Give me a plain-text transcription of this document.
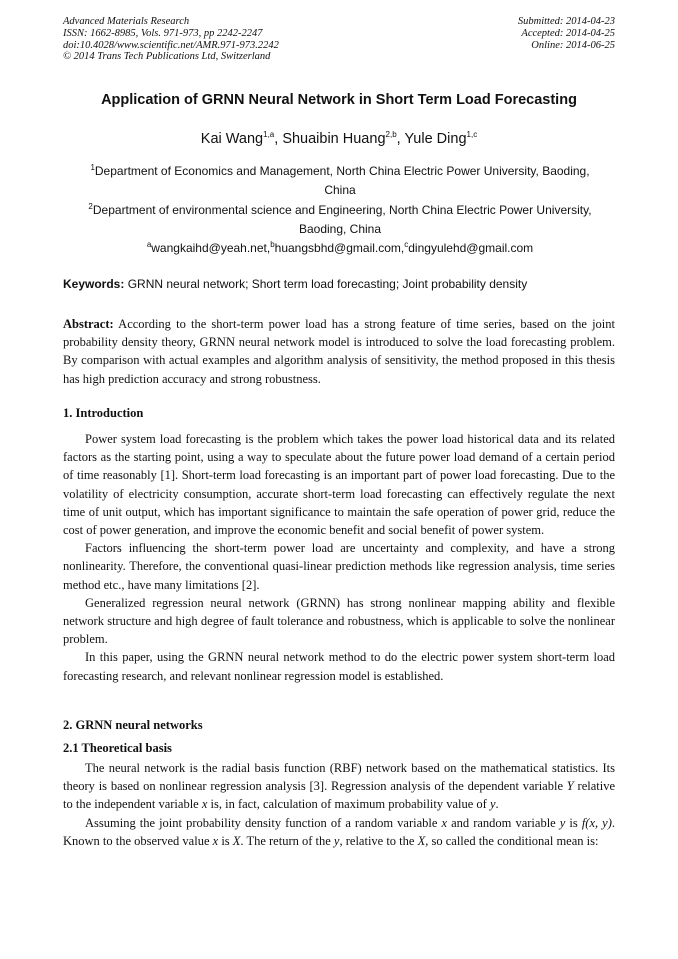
Advanced Materials Research
ISSN: 1662-8985, Vols. 971-973, pp 2242-2247
doi:10.4028/www.scientific.net/AMR.971-973.2242
© 2014 Trans Tech Publications Ltd, Switzerland
Submitted: 2014-04-23
Accepted: 2014-04-25
Online: 2014-06-25
Application of GRNN Neural Network in Short Term Load Forecasting
Kai Wang$^{1,a}$, Shuaibin Huang$^{2,b}$, Yule Ding$^{1,c}$
$^1$Department of Economics and Management, North China Electric Power University, Baoding, China
$^2$Department of environmental science and Engineering, North China Electric Power University, Baoding, China
$^a$wangkaihd@yeah.net,$^b$huangsbhd@gmail.com,$^c$dingyulehd@gmail.com
Keywords: GRNN neural network; Short term load forecasting; Joint probability density

Abstract: According to the short-term power load has a strong feature of time series, based on the joint probability density theory, GRNN neural network model is introduced to solve the load forecasting problem. By comparison with actual examples and algorithm analysis of sensitivity, the method proposed in this thesis has high prediction accuracy and strong robustness.

1. Introduction

Power system load forecasting is the problem which takes the power load historical data and its related factors as the starting point, using a way to speculate about the future power load demand of a certain period of time reasonably [1]. Short-term load forecasting is an important part of power load forecasting. Due to the volatility of electricity consumption, accurate short-term load forecasting can effectively regulate the next time of unit output, which has important significance to maintain the safe operation of power grid, reduce the cost of power generation, and improve the economic benefit and social benefit of power system.

Factors influencing the short-term power load are uncertainty and complexity, and have a strong nonlinearity. Therefore, the conventional quasi-linear prediction methods like regression analysis, time series method etc., have many limitations [2].

Generalized regression neural network (GRNN) has strong nonlinear mapping ability and flexible network structure and high degree of fault tolerance and robustness, which is applicable to solve the nonlinear problem.

In this paper, using the GRNN neural network method to do the electric power system short-term load forecasting research, and relevant nonlinear regression model is established.

2. GRNN neural networks
2.1 Theoretical basis

The neural network is the radial basis function (RBF) network based on the mathematical statistics. Its theory is based on nonlinear regression analysis [3]. Regression analysis of the dependent variable Y relative to the independent variable x is, in fact, calculation of maximum probability value of y.

Assuming the joint probability density function of a random variable x and random variable y is f(x, y). Known to the observed value x is X. The return of the y, relative to the X, so called the conditional mean is:
